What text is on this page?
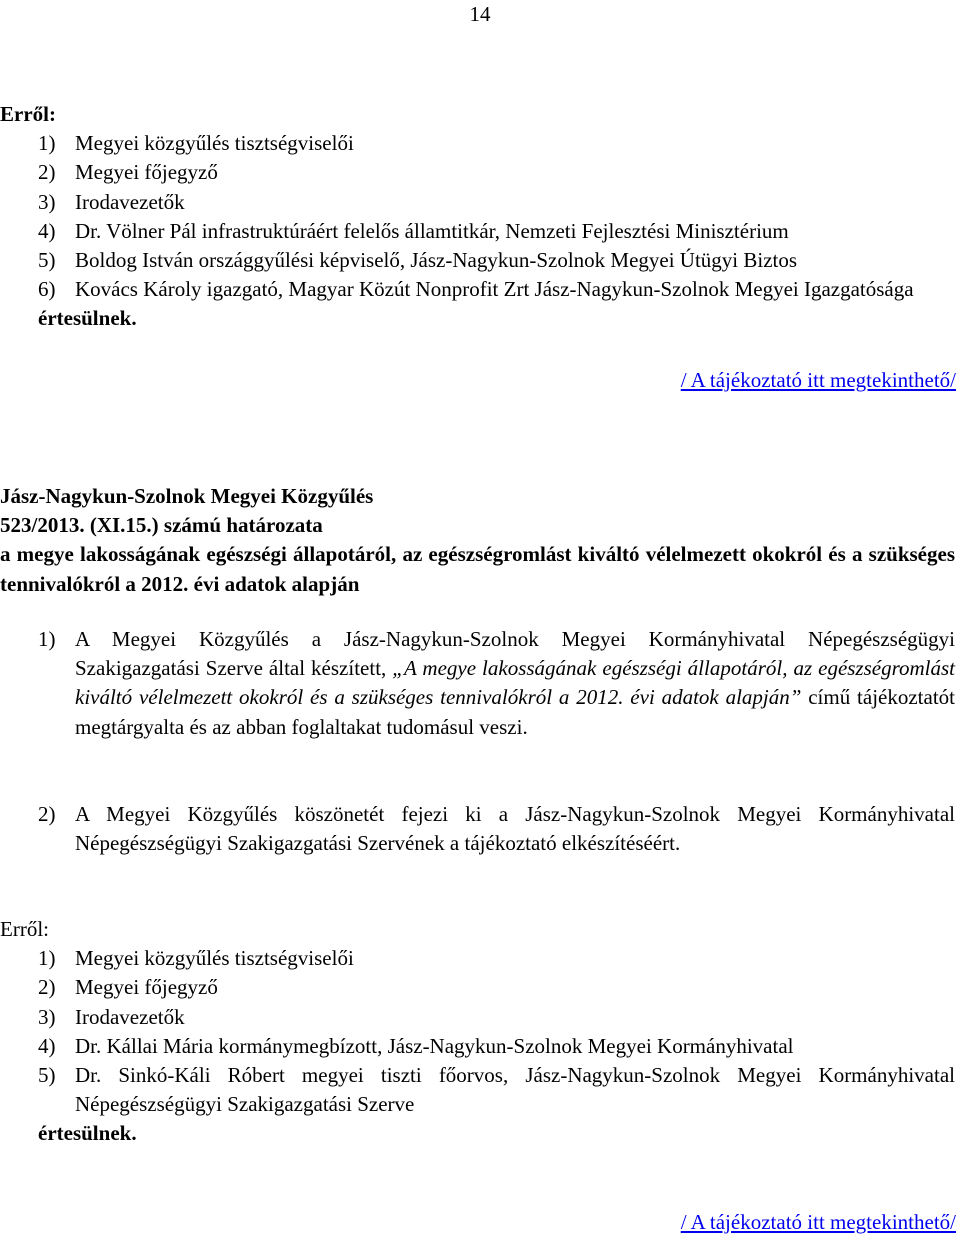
14
Erről:
1) Megyei közgyűlés tisztségviselői
2) Megyei főjegyző
3) Irodavezetők
4) Dr. Völner Pál infrastruktúráért felelős államtitkár, Nemzeti Fejlesztési Minisztérium
5) Boldog István országgyűlési képviselő, Jász-Nagykun-Szolnok Megyei Útügyi Biztos
6) Kovács Károly igazgató, Magyar Közút Nonprofit Zrt Jász-Nagykun-Szolnok Megyei Igazgatósága
értesülnek.
/ A tájékoztató itt megtekinthető/
Jász-Nagykun-Szolnok Megyei Közgyűlés
523/2013. (XI.15.) számú határozata
a megye lakosságának egészségi állapotáról, az egészségromlást kiváltó vélelmezett okokról és a szükséges tennivalókról a 2012. évi adatok alapján
1) A Megyei Közgyűlés a Jász-Nagykun-Szolnok Megyei Kormányhivatal Népegészségügyi Szakigazgatási Szerve által készített, „A megye lakosságának egészségi állapotáról, az egészségromlást kiváltó vélelmezett okokról és a szükséges tennivalókról a 2012. évi adatok alapján” című tájékoztatót megtárgyalta és az abban foglaltakat tudomásul veszi.
2) A Megyei Közgyűlés köszönetét fejezi ki a Jász-Nagykun-Szolnok Megyei Kormányhivatal Népegészségügyi Szakigazgatási Szervének a tájékoztató elkészítéséért.
Erről:
1) Megyei közgyűlés tisztségviselői
2) Megyei főjegyző
3) Irodavezetők
4) Dr. Kállai Mária kormánymegbízott, Jász-Nagykun-Szolnok Megyei Kormányhivatal
5) Dr. Sinkó-Káli Róbert megyei tiszti főorvos, Jász-Nagykun-Szolnok Megyei Kormányhivatal Népegészségügyi Szakigazgatási Szerve
értesülnek.
/ A tájékoztató itt megtekinthető/
